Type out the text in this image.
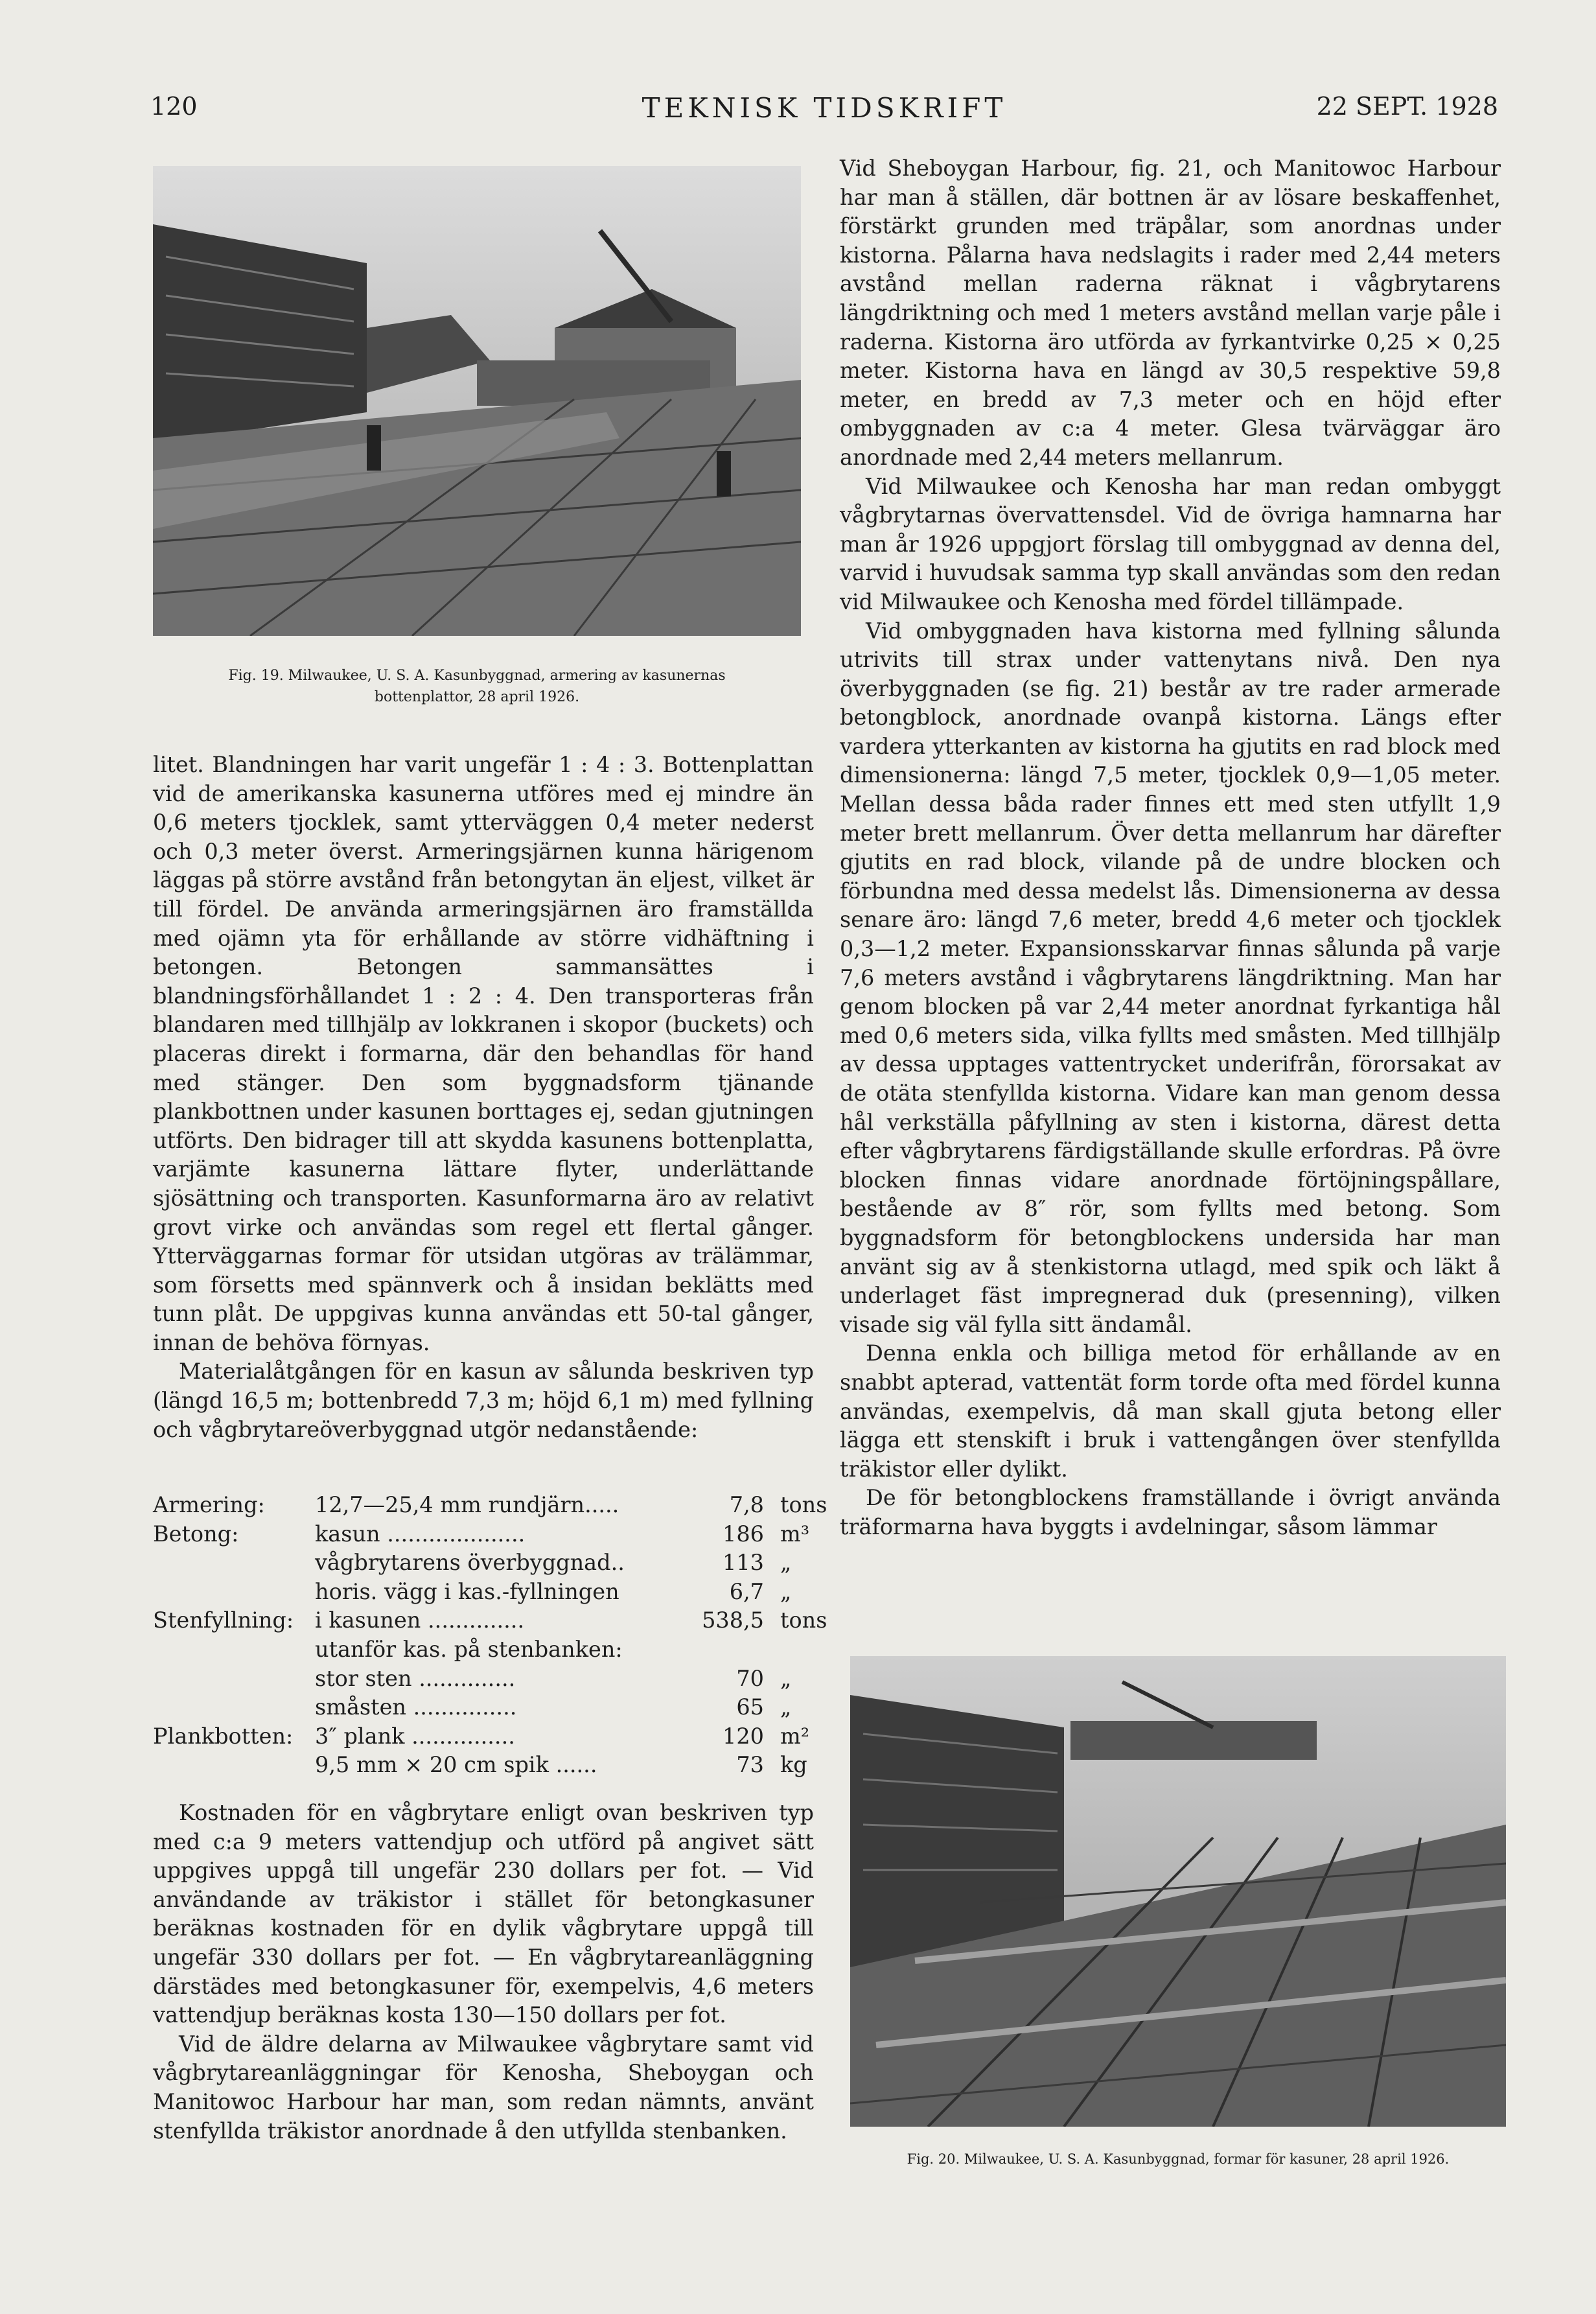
120	TEKNISK TIDSKRIFT	22 SEPT. 1928
Fig. 19. Milwaukee, U. S. A. Kasunbyggnad, armering av kasunernas
bottenplattor, 28 april 1926.

litet. Blandningen har varit ungefär 1 : 4 : 3. Bottenplattan vid de amerikanska kasunerna utföres med ej mindre än 0,6 meters tjocklek, samt ytterväggen 0,4 meter nederst och 0,3 meter överst. Armeringsjärnen kunna härigenom läggas på större avstånd från betongytan än eljest, vilket är till fördel. De använda armeringsjärnen äro framställda med ojämn yta för erhållande av större vidhäftning i betongen. Betongen sammansättes i blandningsförhållandet 1 : 2 : 4. Den transporteras från blandaren med tillhjälp av lokkranen i skopor (buckets) och placeras direkt i formarna, där den behandlas för hand med stänger. Den som byggnadsform tjänande plankbottnen under kasunen borttages ej, sedan gjutningen utförts. Den bidrager till att skydda kasunens bottenplatta, varjämte kasunerna lättare flyter, underlättande sjösättning och transporten. Kasunformarna äro av relativt grovt virke och användas som regel ett flertal gånger. Ytterväggarnas formar för utsidan utgöras av trälämmar, som försetts med spännverk och å insidan beklätts med tunn plåt. De uppgivas kunna användas ett 50-tal gånger, innan de behöva förnyas.

Materialåtgången för en kasun av sålunda beskriven typ (längd 16,5 m; bottenbredd 7,3 m; höjd 6,1 m) med fyllning och vågbrytareöverbyggnad utgör nedanstående:

Armering: 12,7—25,4 mm rundjärn.....	7,8 tons
Betong:	kasun ....................	186 m³
vågbrytarens överbyggnad..	113 „
horis. vägg i kas.-fyllningen	6,7 „
Stenfyllning: i kasunen ..............	538,5 tons
utanför kas. på stenbanken:
stor sten ..............	70 „
småsten ...............	65 „
Plankbotten: 3″ plank ...............	120 m²
9,5 mm × 20 cm spik ......	73 kg

Kostnaden för en vågbrytare enligt ovan beskriven typ med c:a 9 meters vattendjup och utförd på angivet sätt uppgives uppgå till ungefär 230 dollars per fot. — Vid användande av träkistor i stället för betongkasuner beräknas kostnaden för en dylik vågbrytare uppgå till ungefär 330 dollars per fot. — En vågbrytareanläggning därstädes med betongkasuner för, exempelvis, 4,6 meters vattendjup beräknas kosta 130—150 dollars per fot.

Vid de äldre delarna av Milwaukee vågbrytare samt vid vågbrytareanläggningar för Kenosha, Sheboygan och Manitowoc Harbour har man, som redan nämnts, använt stenfyllda träkistor anordnade å den utfyllda stenbanken.

Vid Sheboygan Harbour, fig. 21, och Manitowoc Harbour har man å ställen, där bottnen är av lösare beskaffenhet, förstärkt grunden med träpålar, som anordnas under kistorna. Pålarna hava nedslagits i rader med 2,44 meters avstånd mellan raderna räknat i vågbrytarens längdriktning och med 1 meters avstånd mellan varje påle i raderna. Kistorna äro utförda av fyrkantvirke 0,25 × 0,25 meter. Kistorna hava en längd av 30,5 respektive 59,8 meter, en bredd av 7,3 meter och en höjd efter ombyggnaden av c:a 4 meter. Glesa tvärväggar äro anordnade med 2,44 meters mellanrum.

Vid Milwaukee och Kenosha har man redan ombyggt vågbrytarnas övervattensdel. Vid de övriga hamnarna har man år 1926 uppgjort förslag till ombyggnad av denna del, varvid i huvudsak samma typ skall användas som den redan vid Milwaukee och Kenosha med fördel tillämpade.

Vid ombyggnaden hava kistorna med fyllning sålunda utrivits till strax under vattenytans nivå. Den nya överbyggnaden (se fig. 21) består av tre rader armerade betongblock, anordnade ovanpå kistorna. Längs efter vardera ytterkanten av kistorna ha gjutits en rad block med dimensionerna: längd 7,5 meter, tjocklek 0,9—1,05 meter. Mellan dessa båda rader finnes ett med sten utfyllt 1,9 meter brett mellanrum. Över detta mellanrum har därefter gjutits en rad block, vilande på de undre blocken och förbundna med dessa medelst lås. Dimensionerna av dessa senare äro: längd 7,6 meter, bredd 4,6 meter och tjocklek 0,3—1,2 meter. Expansionsskarvar finnas sålunda på varje 7,6 meters avstånd i vågbrytarens längdriktning. Man har genom blocken på var 2,44 meter anordnat fyrkantiga hål med 0,6 meters sida, vilka fyllts med småsten. Med tillhjälp av dessa upptages vattentrycket underifrån, förorsakat av de otäta stenfyllda kistorna. Vidare kan man genom dessa hål verkställa påfyllning av sten i kistorna, därest detta efter vågbrytarens färdigställande skulle erfordras. På övre blocken finnas vidare anordnade förtöjningspållare, bestående av 8″ rör, som fyllts med betong. Som byggnadsform för betongblockens undersida har man använt sig av å stenkistorna utlagd, med spik och läkt å underlaget fäst impregnerad duk (presenning), vilken visade sig väl fylla sitt ändamål.

Denna enkla och billiga metod för erhållande av en snabbt apterad, vattentät form torde ofta med fördel kunna användas, exempelvis, då man skall gjuta betong eller lägga ett stenskift i bruk i vattengången över stenfyllda träkistor eller dylikt.

De för betongblockens framställande i övrigt använda träformarna hava byggts i avdelningar, såsom lämmar

Fig. 20. Milwaukee, U. S. A. Kasunbyggnad, formar för kasuner, 28 april 1926.
